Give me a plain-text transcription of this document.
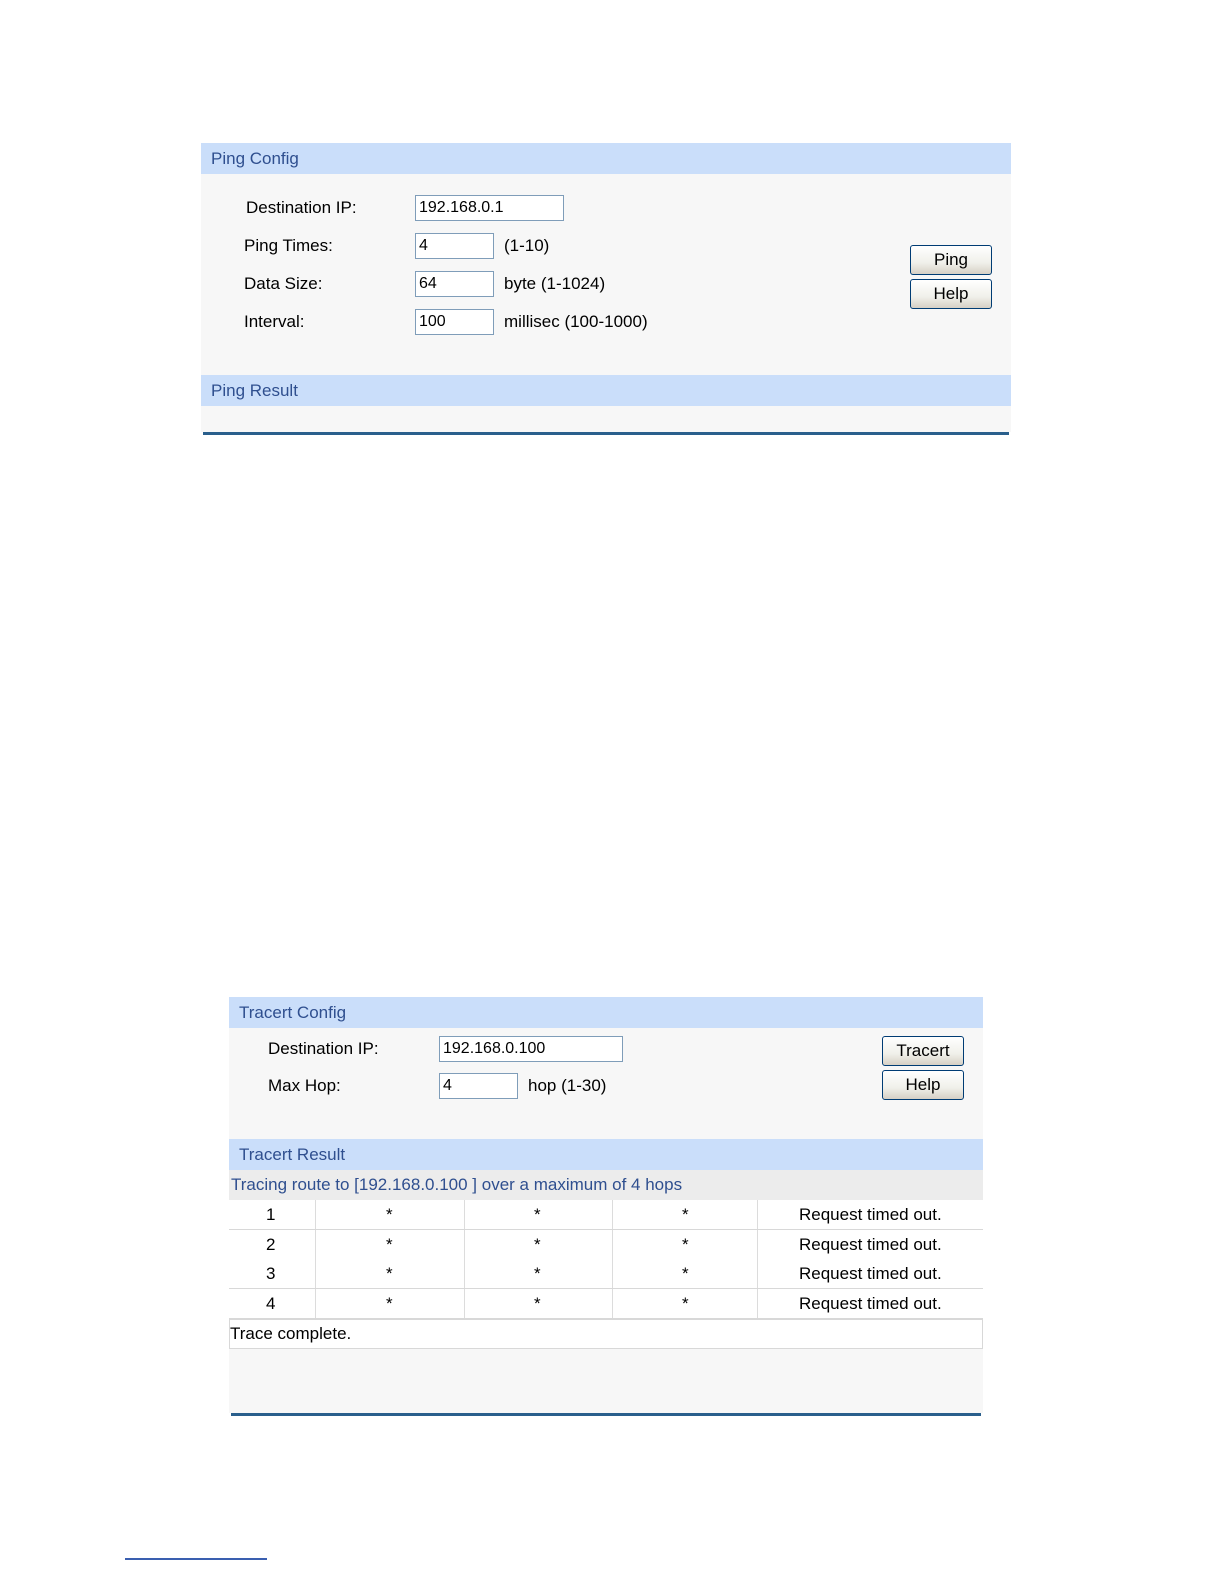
Ping Config
Destination IP:
192.168.0.1
Ping Times:
4	(1-10)
Data Size:
64	byte (1-1024)
Interval:
100	millisec (100-1000)
Ping
Help
Ping Result
Tracert Config
Destination IP:
192.168.0.100
Max Hop:
4	hop (1-30)
Tracert
Help
Tracert Result
Tracing route to [192.168.0.100 ] over a maximum of 4 hops
1	*	*	*	Request timed out.
2	*	*	*	Request timed out.
3	*	*	*	Request timed out.
4	*	*	*	Request timed out.
Trace complete.
